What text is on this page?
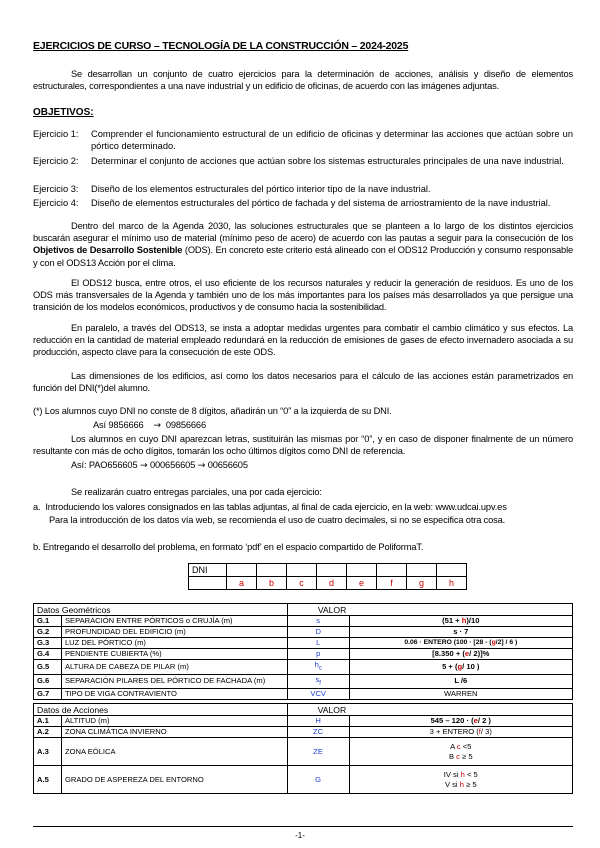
EJERCICIOS DE CURSO – TECNOLOGÍA DE LA CONSTRUCCIÓN – 2024-2025
Se desarrollan un conjunto de cuatro ejercicios para la determinación de acciones, análisis y diseño de elementos estructurales, correspondientes a una nave industrial y un edificio de oficinas, de acuerdo con las imágenes adjuntas.
OBJETIVOS:
Ejercicio 1:	Comprender el funcionamiento estructural de un edificio de oficinas y determinar las acciones que actúan sobre un pórtico determinado.
Ejercicio 2:	Determinar el conjunto de acciones que actúan sobre los sistemas estructurales principales de una nave industrial.
Ejercicio 3:	Diseño de los elementos estructurales del pórtico interior tipo de la nave industrial.
Ejercicio 4:	Diseño de elementos estructurales del pórtico de fachada y del sistema de arriostramiento de la nave industrial.
Dentro del marco de la Agenda 2030, las soluciones estructurales que se planteen a lo largo de los distintos ejercicios buscarán asegurar el mínimo uso de material (mínimo peso de acero) de acuerdo con las pautas a seguir para la consecución de los Objetivos de Desarrollo Sostenible (ODS). En concreto este criterio está alineado con el ODS12 Producción y consumo responsable y con el ODS13 Acción por el clima.
El ODS12 busca, entre otros, el uso eficiente de los recursos naturales y reducir la generación de residuos. Es uno de los ODS más transversales de la Agenda y también uno de los más importantes para los países más desarrollados ya que persigue una transición de los modelos económicos, productivos y de consumo hacia la sostenibilidad.
En paralelo, a través del ODS13, se insta a adoptar medidas urgentes para combatir el cambio climático y sus efectos. La reducción en la cantidad de material empleado redundará en la reducción de emisiones de gases de efecto invernadero asociada a su producción, aspecto clave para la consecución de este ODS.
Las dimensiones de los edificios, así como los datos necesarios para el cálculo de las acciones están parametrizados en función del DNI(*)del alumno.
(*) Los alumnos cuyo DNI no conste de 8 dígitos, añadirán un “0” a la izquierda de su DNI.
Así 9856666 → 09856666
Los alumnos en cuyo DNI aparezcan letras, sustituirán las mismas por “0”, y en caso de disponer finalmente de un número resultante con más de ocho dígitos, tomarán los ocho últimos dígitos como DNI de referencia.
Así: PAO656605 → 000656605 → 00656605
Se realizarán cuatro entregas parciales, una por cada ejercicio:
a. Introduciendo los valores consignados en las tablas adjuntas, al final de cada ejercicio, en la web: www.udcai.upv.es
Para la introducción de los datos vía web, se recomienda el uso de cuatro decimales, si no se especifica otra cosa.
b. Entregando el desarrollo del problema, en formato ‘pdf’ en el espacio compartido de PoliformaT.
DNI								
	a	b	c	d	e	f	g	h
Datos Geométricos		VALOR	
G.1	SEPARACIÓN ENTRE PÓRTICOS o CRUJÍA (m)	s	(51 + h)/10
G.2	PROFUNDIDAD DEL EDIFICIO (m)	D	s · 7
G.3	LUZ DEL PÓRTICO (m)	L	0.06 · ENTERO (100 · [28 - (g/2] / 6 )
G.4	PENDIENTE CUBIERTA (%)	p	[8.350 + (e/ 2)]%
G.5	ALTURA DE CABEZA DE PILAR (m)	$h_c$	5 + (g/ 10 )
G.6	SEPARACIÓN PILARES DEL PÓRTICO DE FACHADA (m)	$s_f$	L /6
G.7	TIPO DE VIGA CONTRAVIENTO	VCV	WARREN
Datos de Acciones		VALOR	
A.1	ALTITUD (m)	H	545 – 120 · (e/ 2 )
A.2	ZONA CLIMÁTICA INVIERNO	ZC	3 + ENTERO (f/ 3)
A.3	ZONA EÓLICA	ZE	A c <5
B c ≥ 5

A.5	GRADO DE ASPEREZA DEL ENTORNO	G	IV si h < 5
V si h ≥ 5
-1-
